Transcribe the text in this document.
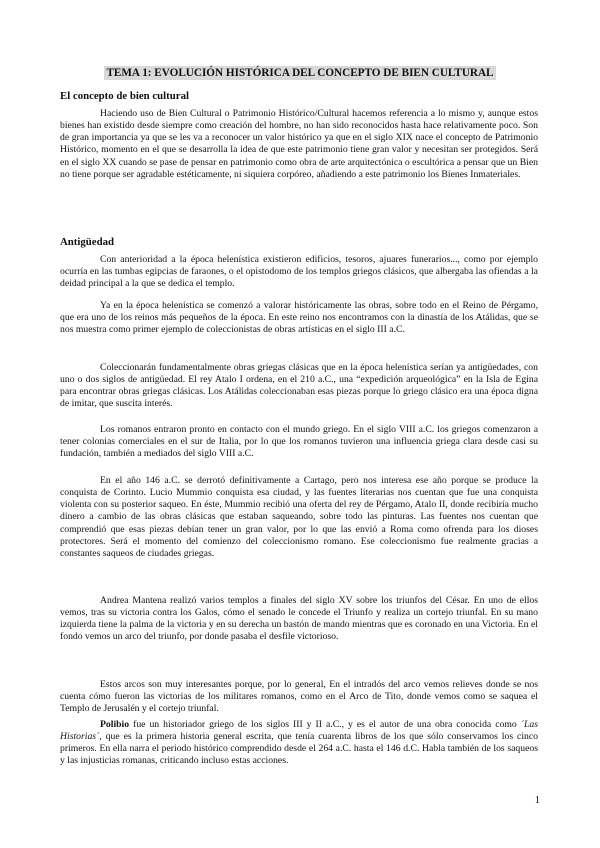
TEMA 1: EVOLUCIÓN HISTÓRICA DEL CONCEPTO DE BIEN CULTURAL
El concepto de bien cultural

Haciendo uso de Bien Cultural o Patrimonio Histórico/Cultural hacemos referencia a lo mismo y, aunque estos bienes han existido desde siempre como creación del hombre, no han sido reconocidos hasta hace relativamente poco. Son de gran importancia ya que se les va a reconocer un valor histórico ya que en el siglo XIX nace el concepto de Patrimonio Histórico, momento en el que se desarrolla la idea de que este patrimonio tiene gran valor y necesitan ser protegidos. Será en el siglo XX cuando se pase de pensar en patrimonio como obra de arte arquitectónica o escultórica a pensar que un Bien no tiene porque ser agradable estéticamente, ni siquiera corpóreo, añadiendo a este patrimonio los Bienes Inmateriales.

Antigüedad

Con anterioridad a la época helenística existieron edificios, tesoros, ajuares funerarios..., como por ejemplo ocurría en las tumbas egipcias de faraones, o el opistodomo de los templos griegos clásicos, que albergaba las ofiendas a la deidad principal a la que se dedica el templo.

Ya en la época helenística se comenzó a valorar históricamente las obras, sobre todo en el Reino de Pérgamo, que era uno de los reinos más pequeños de la época. En este reino nos encontramos con la dinastía de los Atálidas, que se nos muestra como primer ejemplo de coleccionistas de obras artísticas en el siglo III a.C.

Coleccionarán fundamentalmente obras griegas clásicas que en la época helenística serían ya antigüedades, con uno o dos siglos de antigüedad. El rey Atalo I ordena, en el 210 a.C., una “expedición arqueológica” en la Isla de Egina para encontrar obras griegas clásicas. Los Atálidas coleccionaban esas piezas porque lo griego clásico era una época digna de imitar, que suscita interés.

Los romanos entraron pronto en contacto con el mundo griego. En el siglo VIII a.C. los griegos comenzaron a tener colonias comerciales en el sur de Italia, por lo que los romanos tuvieron una influencia griega clara desde casi su fundación, también a mediados del siglo VIII a.C.

En el año 146 a.C. se derrotó definitivamente a Cartago, pero nos interesa ese año porque se produce la conquista de Corinto. Lucio Mummio conquista esa ciudad, y las fuentes literarias nos cuentan que fue una conquista violenta con su posterior saqueo. En éste, Mummio recibió una oferta del rey de Pérgamo, Atalo II, donde recibiría mucho dinero a cambio de las obras clásicas que estaban saqueando, sobre todo las pinturas. Las fuentes nos cuentan que comprendió que esas piezas debían tener un gran valor, por lo que las envió a Roma como ofrenda para los dioses protectores. Será el momento del comienzo del coleccionismo romano. Ese coleccionismo fue realmente gracias a constantes saqueos de ciudades griegas.

Andrea Mantena realizó varios templos a finales del siglo XV sobre los triunfos del César. En uno de ellos vemos, tras su victoria contra los Galos, cómo el senado le concede el Triunfo y realiza un cortejo triunfal. En su mano izquierda tiene la palma de la victoria y en su derecha un bastón de mando mientras que es coronado en una Victoria. En el fondo vemos un arco del triunfo, por donde pasaba el desfile victorioso.

Estos arcos son muy interesantes porque, por lo general, En el intradós del arco vemos relieves donde se nos cuenta cómo fueron las victorias de los militares romanos, como en el Arco de Tito, donde vemos como se saquea el Templo de Jerusalén y el cortejo triunfal.

Polibio fue un historiador griego de los siglos III y II a.C., y es el autor de una obra conocida como ´Las Historias´, que es la primera historia general escrita, que tenía cuarenta libros de los que sólo conservamos los cinco primeros. En ella narra el periodo histórico comprendido desde el 264 a.C. hasta el 146 d.C. Habla también de los saqueos y las injusticias romanas, criticando incluso estas acciones.

1
